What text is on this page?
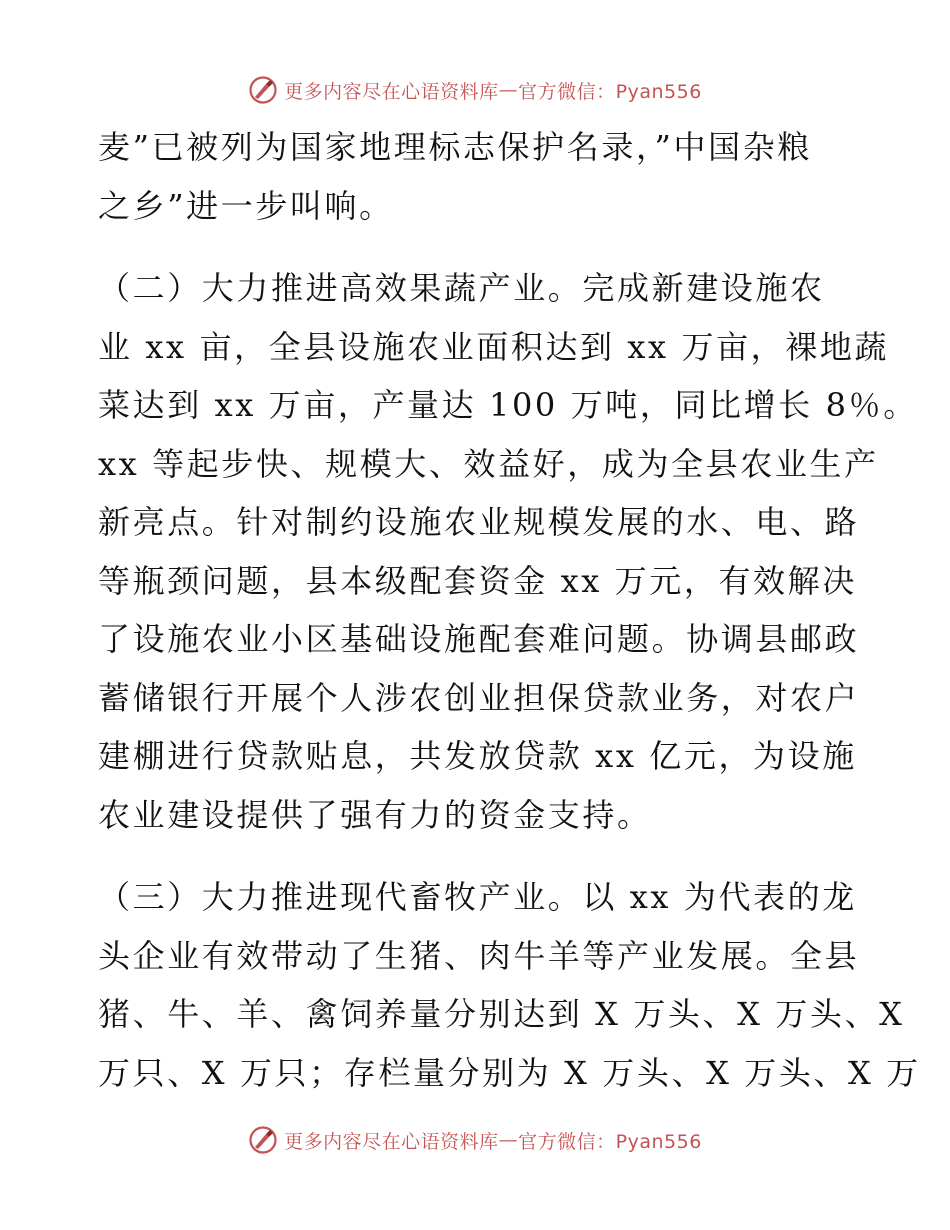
更多内容尽在心语资料库 — 官方微信：Pyan556
麦”已被列为国家地理标志保护名录，”中国杂粮
之乡”进一步叫响。
（二）大力推进高效果蔬产业。完成新建设施农
业 xx 亩，全县设施农业面积达到 xx 万亩，裸地蔬
菜达到 xx 万亩，产量达 100 万吨，同比增长 8％。
xx 等起步快、规模大、效益好，成为全县农业生产
新亮点。针对制约设施农业规模发展的水、电、路
等瓶颈问题，县本级配套资金 xx 万元，有效解决
了设施农业小区基础设施配套难问题。协调县邮政
蓄储银行开展个人涉农创业担保贷款业务，对农户
建棚进行贷款贴息，共发放贷款 xx 亿元，为设施
农业建设提供了强有力的资金支持。
（三）大力推进现代畜牧产业。以 xx 为代表的龙
头企业有效带动了生猪、肉牛羊等产业发展。全县
猪、牛、羊、禽饲养量分别达到 X 万头、X 万头、X
万只、X 万只；存栏量分别为 X 万头、X 万头、X 万
更多内容尽在心语资料库 — 官方微信：Pyan556
